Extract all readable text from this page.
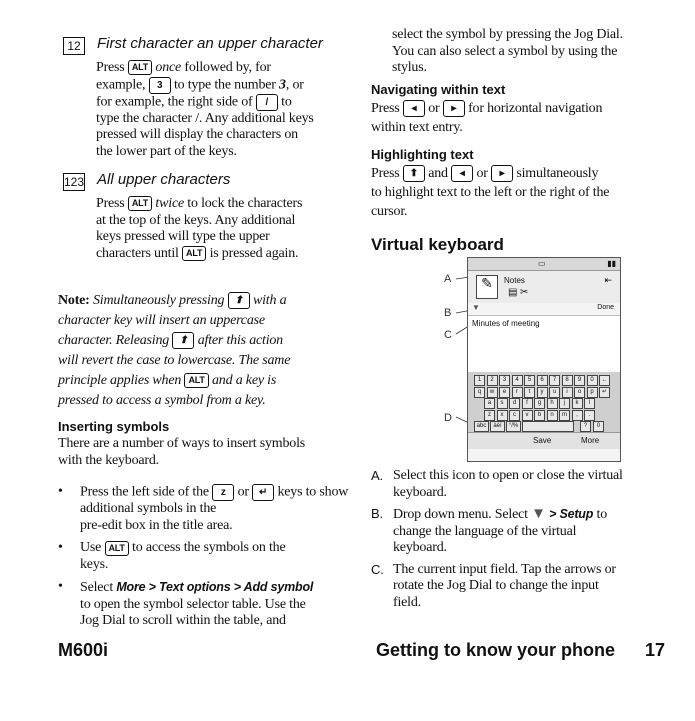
12 First character an upper character
Press ALT once followed by, for
example, 3 to type the number 3, or
for example, the right side of / to
type the character /. Any additional keys
pressed will display the characters on
the lower part of the keys.
123 All upper characters
Press ALT twice to lock the characters
at the top of the keys. Any additional
keys pressed will type the upper
characters until ALT is pressed again.
Note: Simultaneously pressing ⬆ with a
character key will insert an uppercase
character. Releasing ⬆ after this action
will revert the case to lowercase. The same
principle applies when ALT and a key is
pressed to access a symbol from a key.
Inserting symbols
There are a number of ways to insert symbols
with the keyboard.
• Press the left side of the z or ↵ keys to show additional symbols in the
pre-edit box in the title area.
• Use ALT to access the symbols on the
keys.
• Select More > Text options > Add symbol
to open the symbol selector table. Use the
Jog Dial to scroll within the table, and
select the symbol by pressing the Jog Dial.
You can also select a symbol by using the
stylus.
Navigating within text
Press ◂ or ▸ for horizontal navigation
within text entry.
Highlighting text
Press ⬆ and ◂ or ▸ simultaneously
to highlight text to the left or the right of the
cursor.
Virtual keyboard
A
B
C
D
▭	▮▮
✎	Notes
▤ ✂
⇤
▼	Done
Minutes of meeting
1	2	3	4	5	6	7	8	9	0	←
q	w	e	r	t	y	u	i	o	p	↵
a	s	d	f	g	h	j	k	l
z	x	c	v	b	n	m	,	.
abc	àèí	°/%	?	0
Save	More
A. Select this icon to open or close the virtual
keyboard.
B. Drop down menu. Select ▼ > Setup to
change the language of the virtual
keyboard.
C. The current input field. Tap the arrows or
rotate the Jog Dial to change the input
field.
M600i	Getting to know your phone 17
